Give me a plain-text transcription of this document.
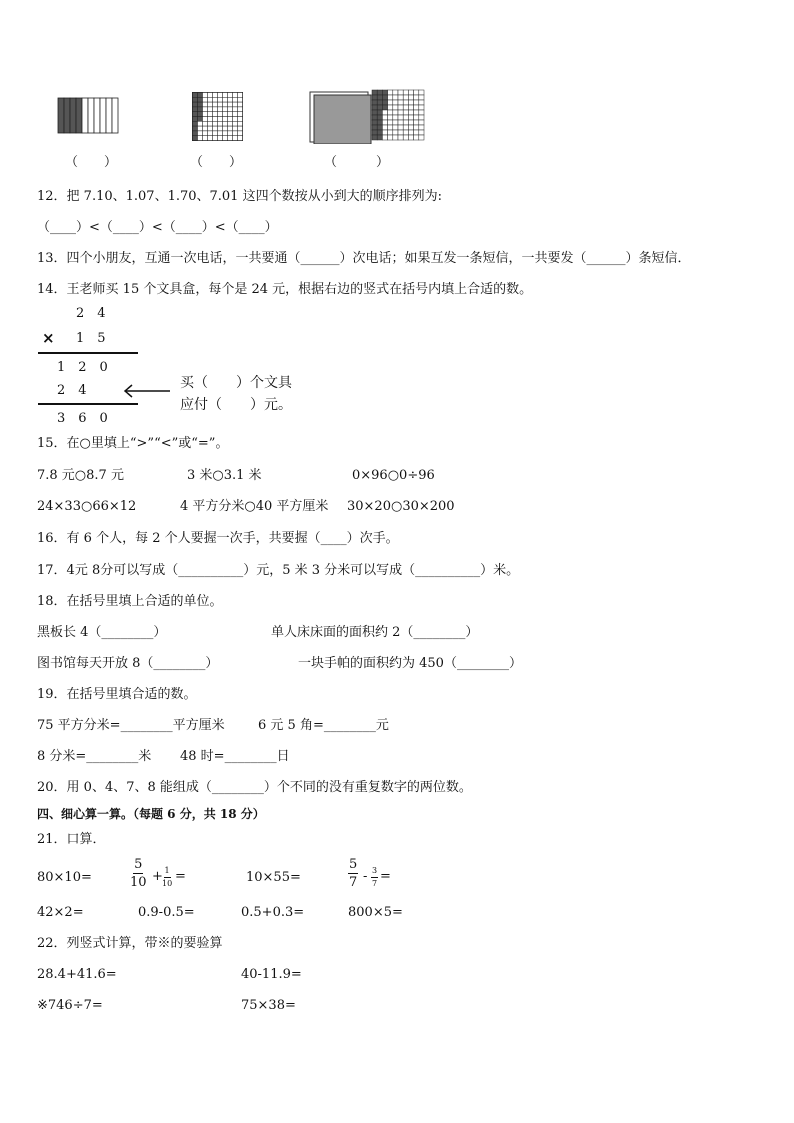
（　　）	（　　）	（　　　）
12．把 7.10、1.07、1.70、7.01 这四个数按从小到大的顺序排列为:
（____）<（____）<（____）<（____）
13．四个小朋友，互通一次电话，一共要通（______）次电话；如果互发一条短信，一共要发（______）条短信．
14．王老师买 15 个文具盒，每个是 24 元，根据右边的竖式在括号内填上合适的数。
2　4
× 1　5
1　2　0
2　4
3　6　0
买（　　）个文具
应付（　　）元。
15．在○里填上“>”“<”或“=”。
7.8 元○8.7 元	3 米○3.1 米	0×96○0÷96
24×33○66×12	4 平方分米○40 平方厘米 30×20○30×200
16．有 6 个人，每 2 个人要握一次手，共要握（____）次手。
17．4元 8分可以写成（__________）元，5 米 3 分米可以写成（__________）米。
18．在括号里填上合适的单位。
黑板长 4（________）	单人床床面的面积约 2（________）
图书馆每天开放 8（________）	一块手帕的面积约为 450（________）
19．在括号里填合适的数。
75 平方分米=________平方厘米	6 元 5 角=________元
8 分米=________米 48 时=________日
20．用 0、4、7、8 能组成（________）个不同的没有重复数字的两位数。
四、细心算一算。（每题 6 分，共 18 分）
21．口算．
80×10=	$\frac{5}{10} + \frac{1}{10}$ =	10×55=	$\frac{5}{7} - \frac{3}{7}$ =
42×2=	0.9-0.5=	0.5+0.3=	800×5=
22．列竖式计算，带※的要验算
28.4+41.6=	40-11.9=
※746÷7=	75×38=
